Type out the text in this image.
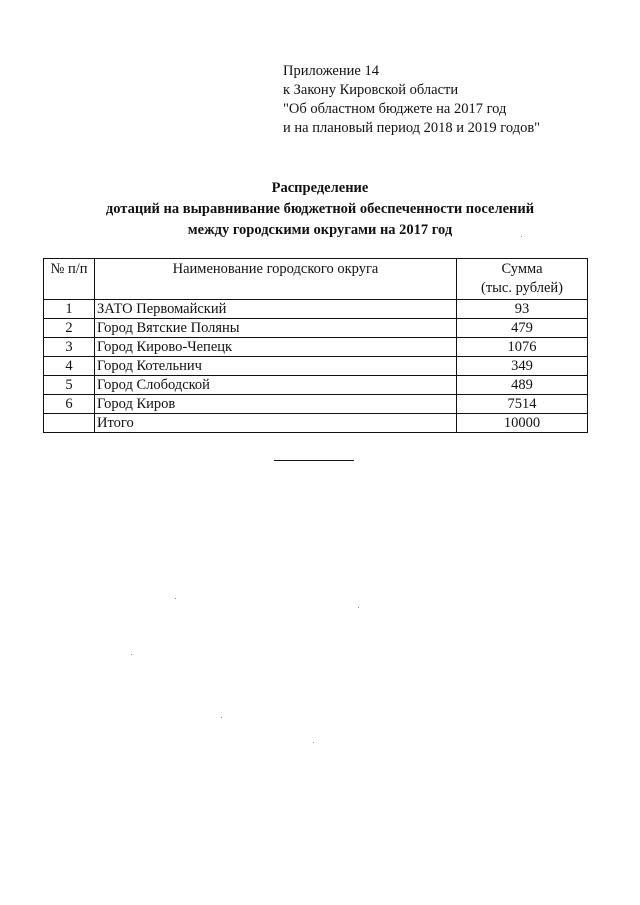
Приложение 14
к Закону Кировской области
"Об областном бюджете на 2017 год
и на плановый период 2018 и 2019 годов"
Распределение
дотаций на выравнивание бюджетной обеспеченности поселений
между городскими округами на 2017 год
№ п/п	Наименование городского округа	Сумма
(тыс. рублей)

1	ЗАТО Первомайский	93
2	Город Вятские Поляны	479
3	Город Кирово-Чепецк	1076
4	Город Котельнич	349
5	Город Слободской	489
6	Город Киров	7514
	Итого	10000
